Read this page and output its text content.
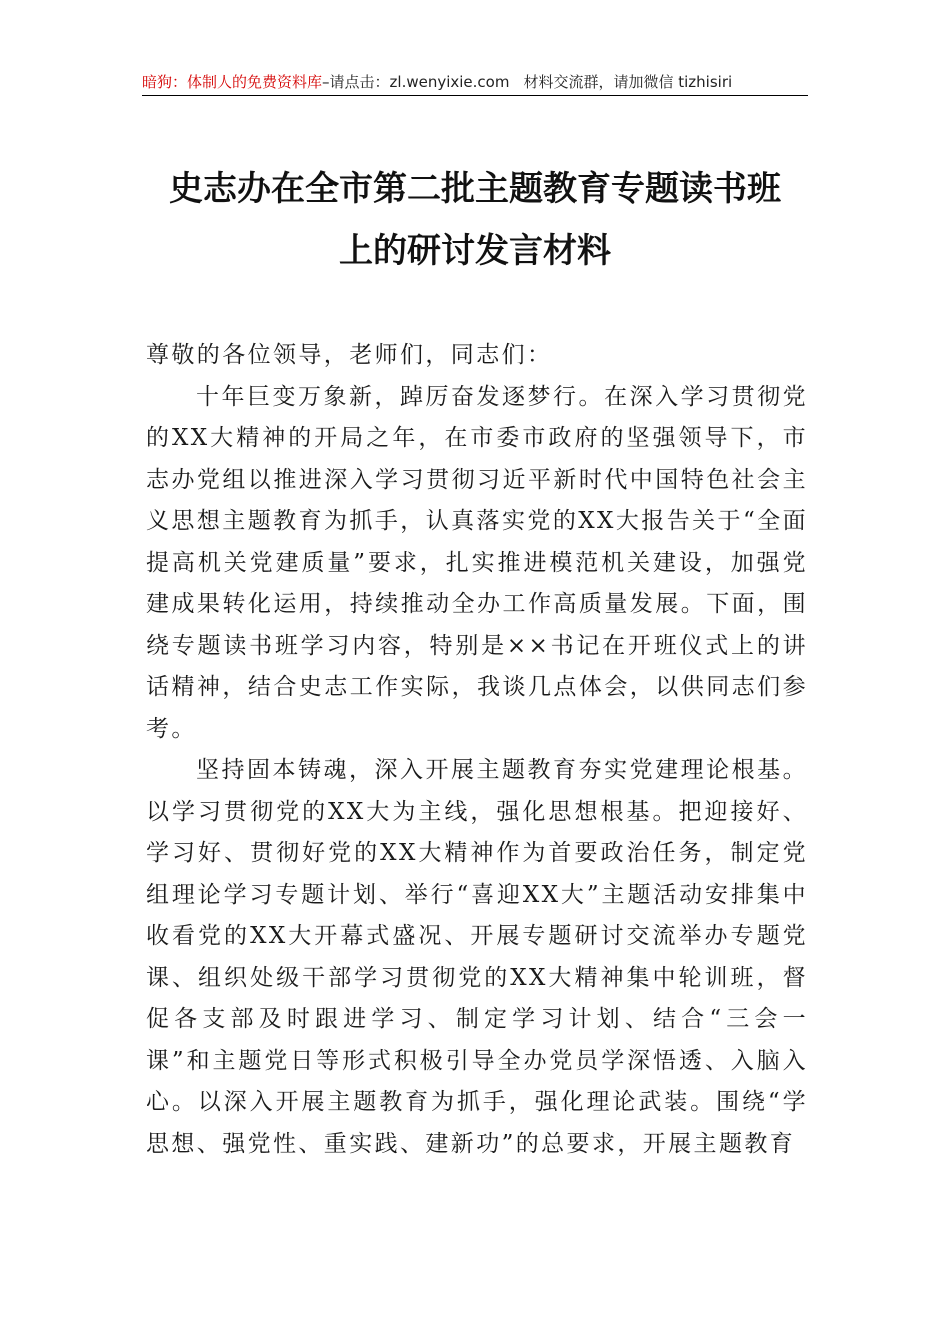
暗狗：体制人的免费资料库–请点击：zl.wenyixie.com 材料交流群，请加微信 tizhisiri
史志办在全市第二批主题教育专题读书班
上的研讨发言材料

尊敬的各位领导，老师们，同志们：

十年巨变万象新，踔厉奋发逐梦行。在深入学习贯彻党的XX大精神的开局之年，在市委市政府的坚强领导下，市志办党组以推进深入学习贯彻习近平新时代中国特色社会主义思想主题教育为抓手，认真落实党的XX大报告关于“全面提高机关党建质量”要求，扎实推进模范机关建设，加强党建成果转化运用，持续推动全办工作高质量发展。下面，围绕专题读书班学习内容，特别是××书记在开班仪式上的讲话精神，结合史志工作实际，我谈几点体会，以供同志们参考。

坚持固本铸魂，深入开展主题教育夯实党建理论根基。以学习贯彻党的XX大为主线，强化思想根基。把迎接好、学习好、贯彻好党的XX大精神作为首要政治任务，制定党组理论学习专题计划、举行“喜迎XX大”主题活动安排集中收看党的XX大开幕式盛况、开展专题研讨交流举办专题党课、组织处级干部学习贯彻党的XX大精神集中轮训班，督促各支部及时跟进学习、制定学习计划、结合“三会一课”和主题党日等形式积极引导全办党员学深悟透、入脑入心。以深入开展主题教育为抓手，强化理论武装。围绕“学思想、强党性、重实践、建新功”的总要求，开展主题教育
